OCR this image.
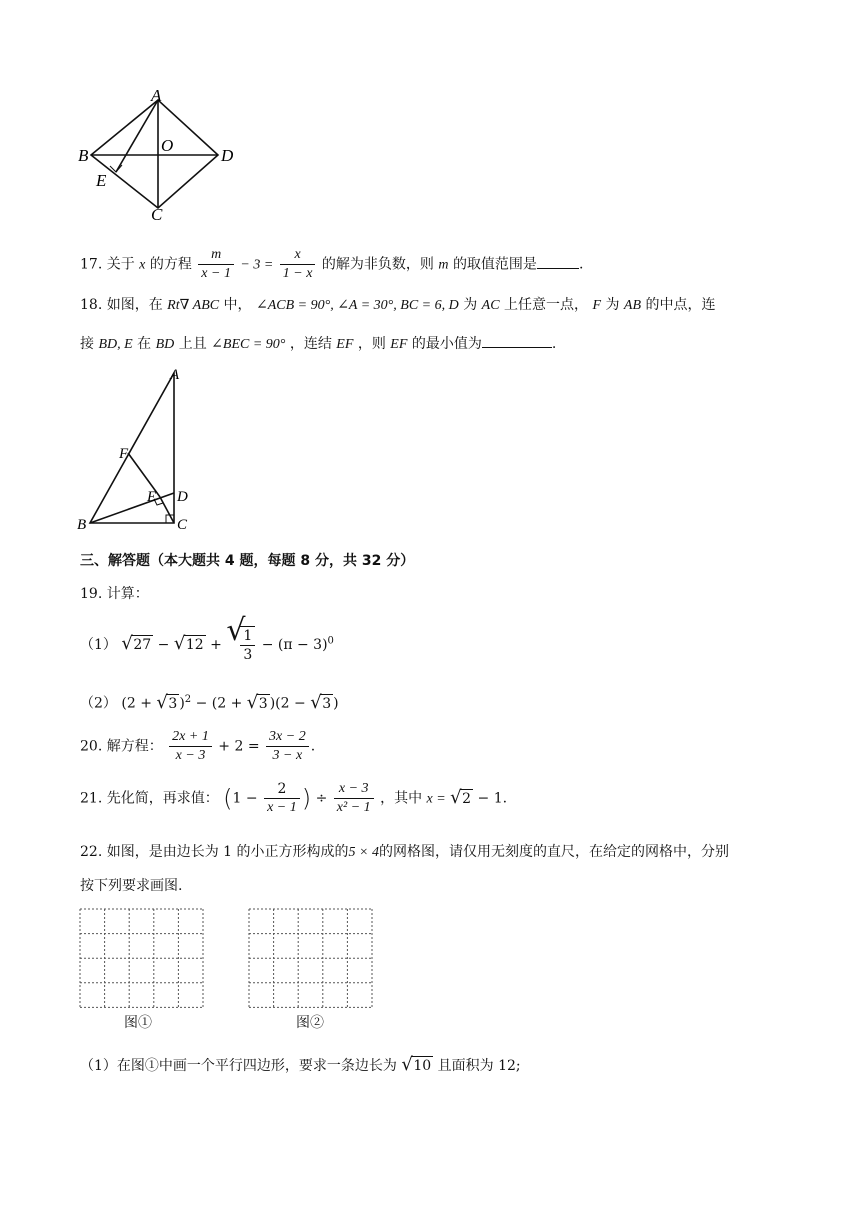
A
B
O
D
E
C
17. 关于 x 的方程 $\frac{m}{x - 1} - 3 = \frac{x}{1 - x}$ 的解为非负数，则 m 的取值范围是	.
18. 如图，在 Rt∇ ABC 中， ∠ACB = 90°, ∠A = 30°, BC = 6, D 为 AC 上任意一点， F 为 AB 的中点，连
接 BD, E 在 BD 上且 ∠BEC = 90° ，连结 EF ，则 EF 的最小值为	.
A
F
E D
B	C
三、解答题（本大题共 4 题，每题 8 分，共 32 分）
19. 计算：
（1） √ 27 − √ 12 + √
$\frac{1}{3} - (\pi - 3)^0$
（2） (2 + √ 3 )$^2$ − (2 + √ 3 )(2 − √ 3 )
20. 解方程： $\frac{2x + 1}{x - 3} + 2 = \frac{3x - 2}{3 - x}$ .
21. 先化简，再求值： ($1 - \frac{2}{x - 1}$ ) ÷ $\frac{x - 3}{\text{x² − 1}}$ ，其中 x = √ 2 − 1.
22. 如图，是由边长为 1 的小正方形构成的5 × 4的网格图，请仅用无刻度的直尺，在给定的网格中，分别
按下列要求画图.
图①	图②
（1）在图①中画一个平行四边形，要求一条边长为 √ 10 且面积为 12;
